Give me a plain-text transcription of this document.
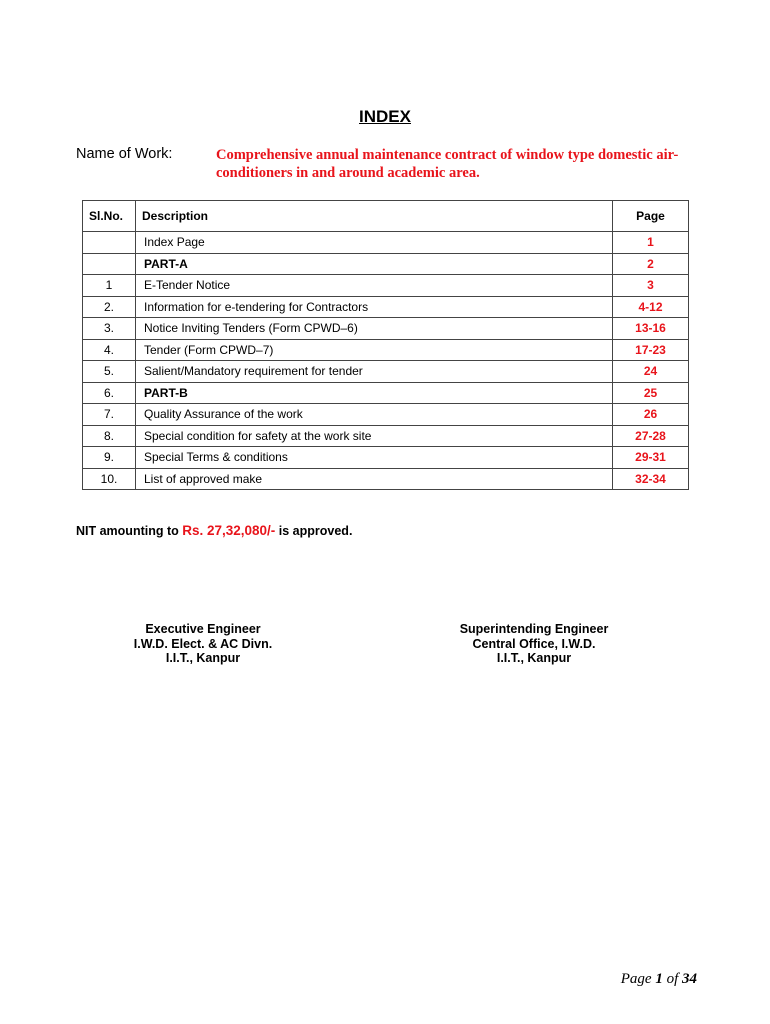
INDEX
Name of Work:	Comprehensive annual maintenance contract of window type domestic air-conditioners in and around academic area.
Sl.No.	Description	Page
	Index Page	1
	PART-A	2
1	E-Tender Notice	3
2.	Information for e-tendering for Contractors	4-12
3.	Notice Inviting Tenders (Form CPWD–6)	13-16
4.	Tender (Form CPWD–7)	17-23
5.	Salient/Mandatory requirement for tender	24
6.	PART-B	25
7.	Quality Assurance of the work	26
8.	Special condition for safety at the work site	27-28
9.	Special Terms & conditions	29-31
10.	List of approved make	32-34
NIT amounting to Rs. 27,32,080/- is approved.
Executive Engineer
I.W.D. Elect. & AC Divn.
I.I.T., Kanpur
Superintending Engineer
Central Office, I.W.D.
I.I.T., Kanpur
Page 1 of 34
